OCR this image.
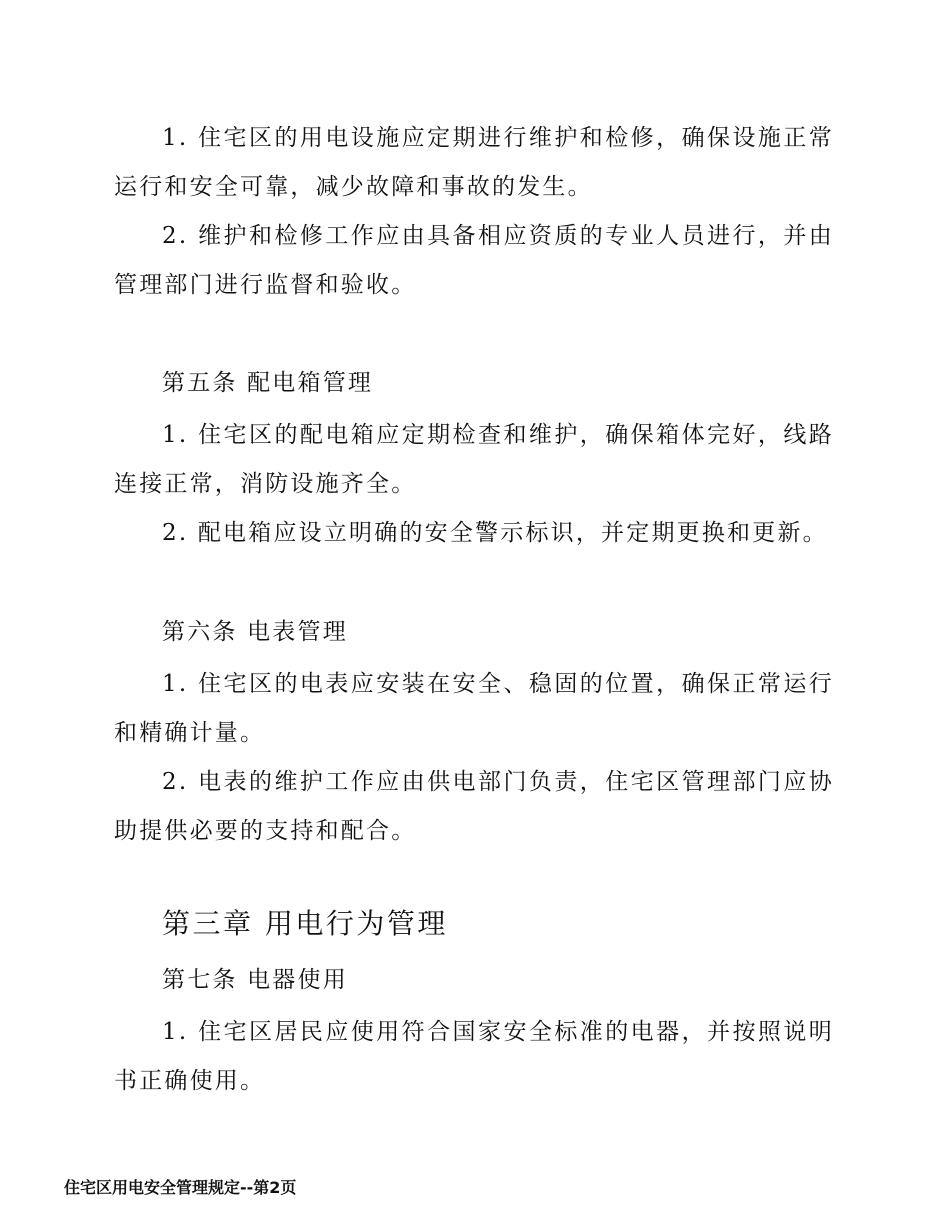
1. 住宅区的用电设施应定期进行维护和检修，确保设施正常运行和安全可靠，减少故障和事故的发生。

2. 维护和检修工作应由具备相应资质的专业人员进行，并由管理部门进行监督和验收。

第五条 配电箱管理

1. 住宅区的配电箱应定期检查和维护，确保箱体完好，线路连接正常，消防设施齐全。

2. 配电箱应设立明确的安全警示标识，并定期更换和更新。

第六条 电表管理

1. 住宅区的电表应安装在安全、稳固的位置，确保正常运行和精确计量。

2. 电表的维护工作应由供电部门负责，住宅区管理部门应协助提供必要的支持和配合。

第三章 用电行为管理
第七条 电器使用

1. 住宅区居民应使用符合国家安全标准的电器，并按照说明书正确使用。

住宅区用电安全管理规定--第2页
